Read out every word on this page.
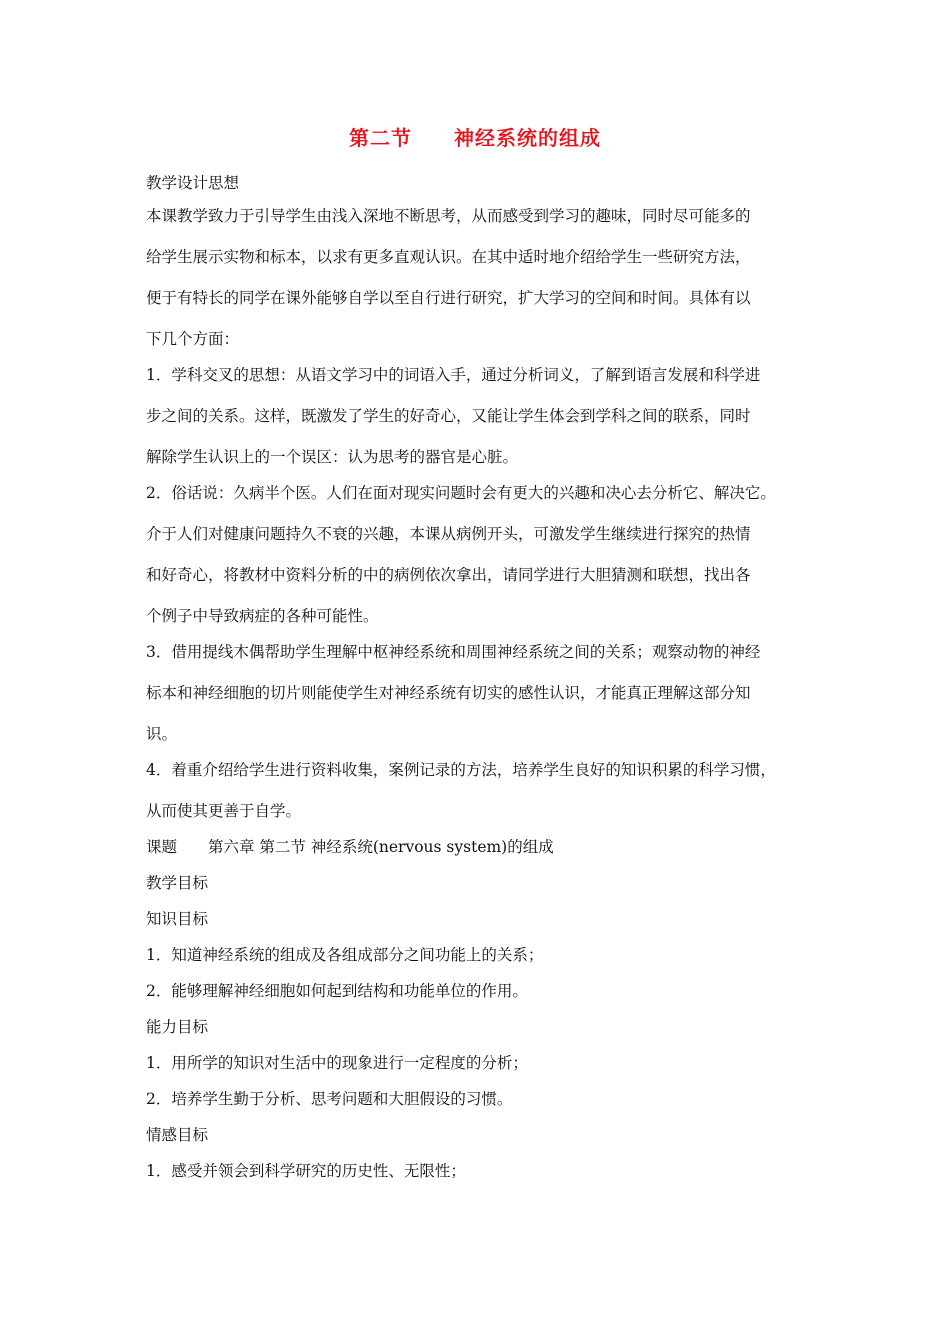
第二节　　神经系统的组成

教学设计思想

本课教学致力于引导学生由浅入深地不断思考，从而感受到学习的趣味，同时尽可能多的

给学生展示实物和标本，以求有更多直观认识。在其中适时地介绍给学生一些研究方法，

便于有特长的同学在课外能够自学以至自行进行研究，扩大学习的空间和时间。具体有以

下几个方面：

1．学科交叉的思想：从语文学习中的词语入手，通过分析词义，了解到语言发展和科学进

步之间的关系。这样，既激发了学生的好奇心，又能让学生体会到学科之间的联系，同时

解除学生认识上的一个误区：认为思考的器官是心脏。

2．俗话说：久病半个医。人们在面对现实问题时会有更大的兴趣和决心去分析它、解决它。

介于人们对健康问题持久不衰的兴趣，本课从病例开头，可激发学生继续进行探究的热情

和好奇心，将教材中资料分析的中的病例依次拿出，请同学进行大胆猜测和联想，找出各

个例子中导致病症的各种可能性。

3．借用提线木偶帮助学生理解中枢神经系统和周围神经系统之间的关系；观察动物的神经

标本和神经细胞的切片则能使学生对神经系统有切实的感性认识，才能真正理解这部分知

识。

4．着重介绍给学生进行资料收集，案例记录的方法，培养学生良好的知识积累的科学习惯，

从而使其更善于自学。

课题　　第六章 第二节 神经系统(nervous system)的组成

教学目标

知识目标

1．知道神经系统的组成及各组成部分之间功能上的关系；

2．能够理解神经细胞如何起到结构和功能单位的作用。

能力目标

1．用所学的知识对生活中的现象进行一定程度的分析；

2．培养学生勤于分析、思考问题和大胆假设的习惯。

情感目标

1．感受并领会到科学研究的历史性、无限性；
